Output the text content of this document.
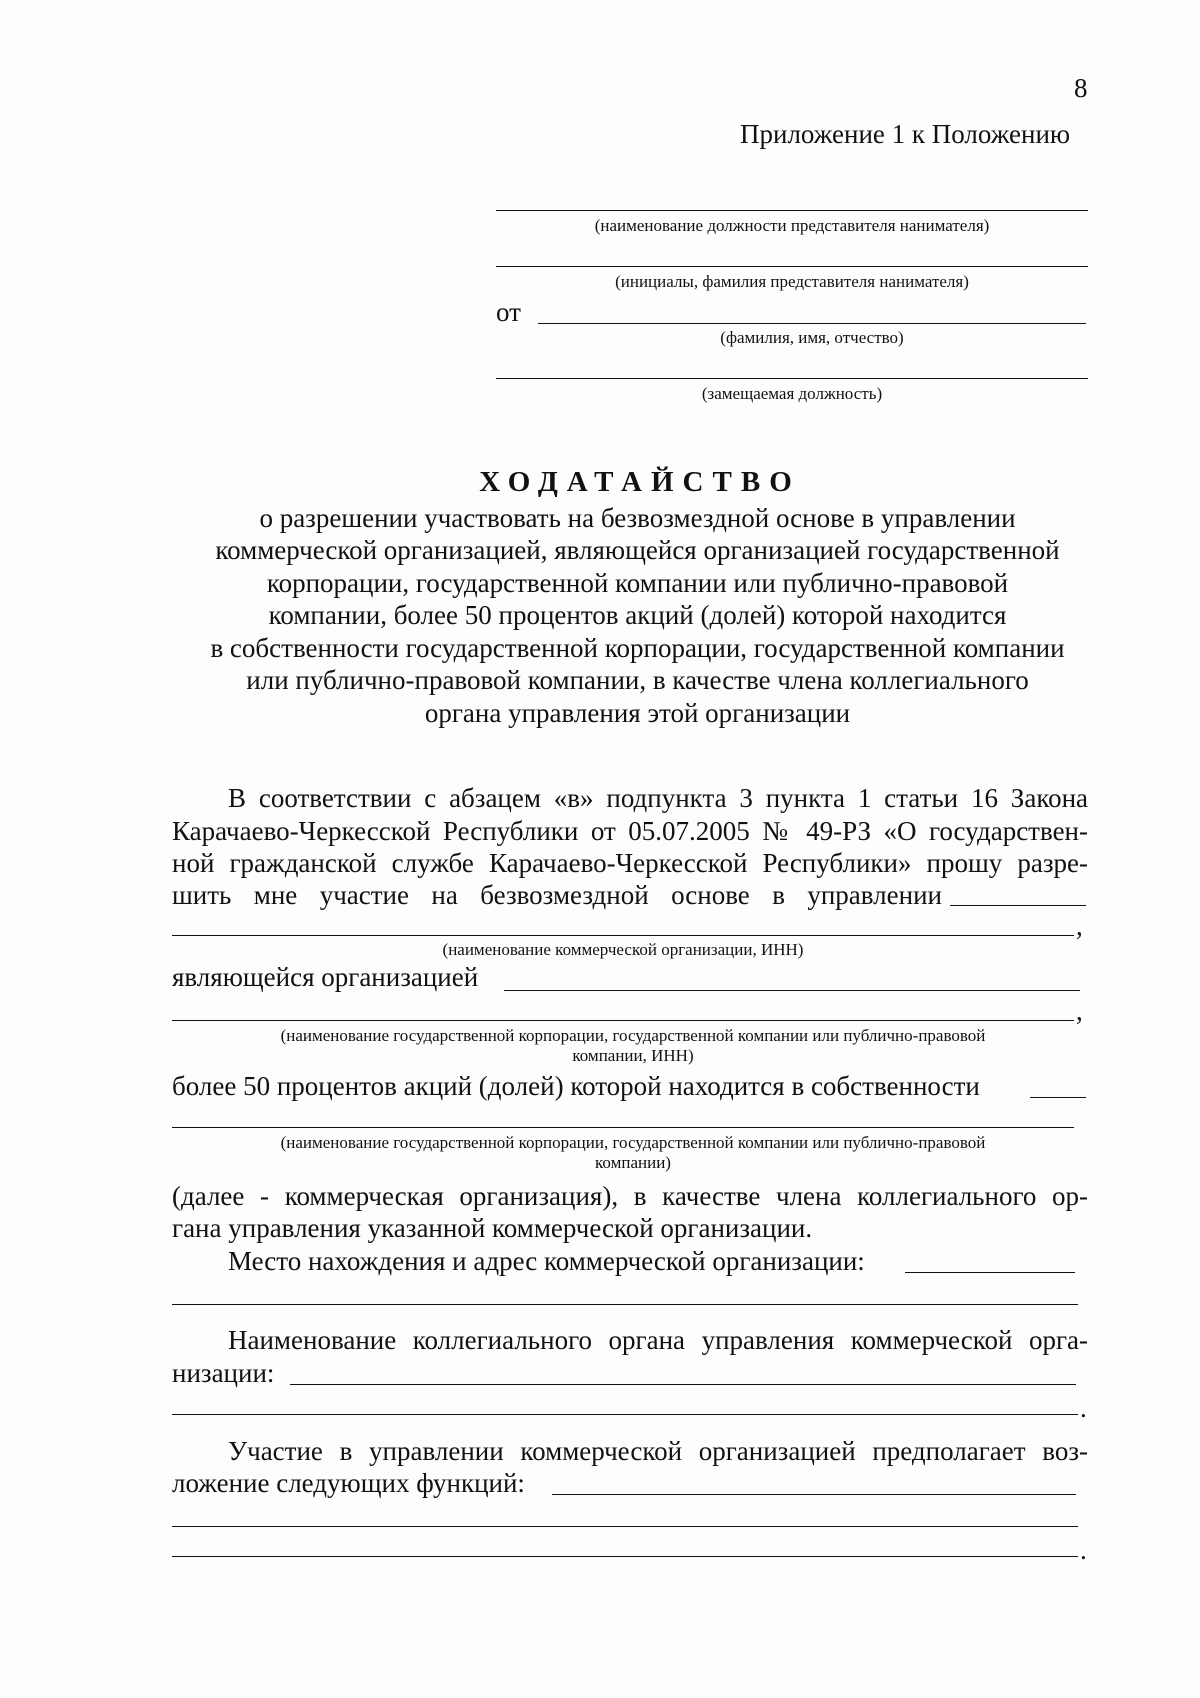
8
Приложение 1 к Положению
(наименование должности представителя нанимателя)
(инициалы, фамилия представителя нанимателя)
от
(фамилия, имя, отчество)
(замещаемая должность)
ХОДАТАЙСТВО
о разрешении участвовать на безвозмездной основе в управлении
коммерческой организацией, являющейся организацией государственной
корпорации, государственной компании или публично-правовой
компании, более 50 процентов акций (долей) которой находится
в собственности государственной корпорации, государственной компании
или публично-правовой компании, в качестве члена коллегиального
органа управления этой организации
В соответствии с абзацем «в» подпункта 3 пункта 1 статьи 16 Закона
Карачаево-Черкесской Республики от 05.07.2005 № 49-РЗ «О государствен-
ной гражданской службе Карачаево-Черкесской Республики» прошу разре-
шить мне участие на безвозмездной основе в управлении
,
(наименование коммерческой организации, ИНН)
являющейся организацией
,
(наименование государственной корпорации, государственной компании или публично-правовой
компании, ИНН)
более 50 процентов акций (долей) которой находится в собственности
(наименование государственной корпорации, государственной компании или публично-правовой
компании)
(далее - коммерческая организация), в качестве члена коллегиального ор-
гана управления указанной коммерческой организации.
Место нахождения и адрес коммерческой организации:
Наименование коллегиального органа управления коммерческой орга-
низации:
.
Участие в управлении коммерческой организацией предполагает воз-
ложение следующих функций:
.
